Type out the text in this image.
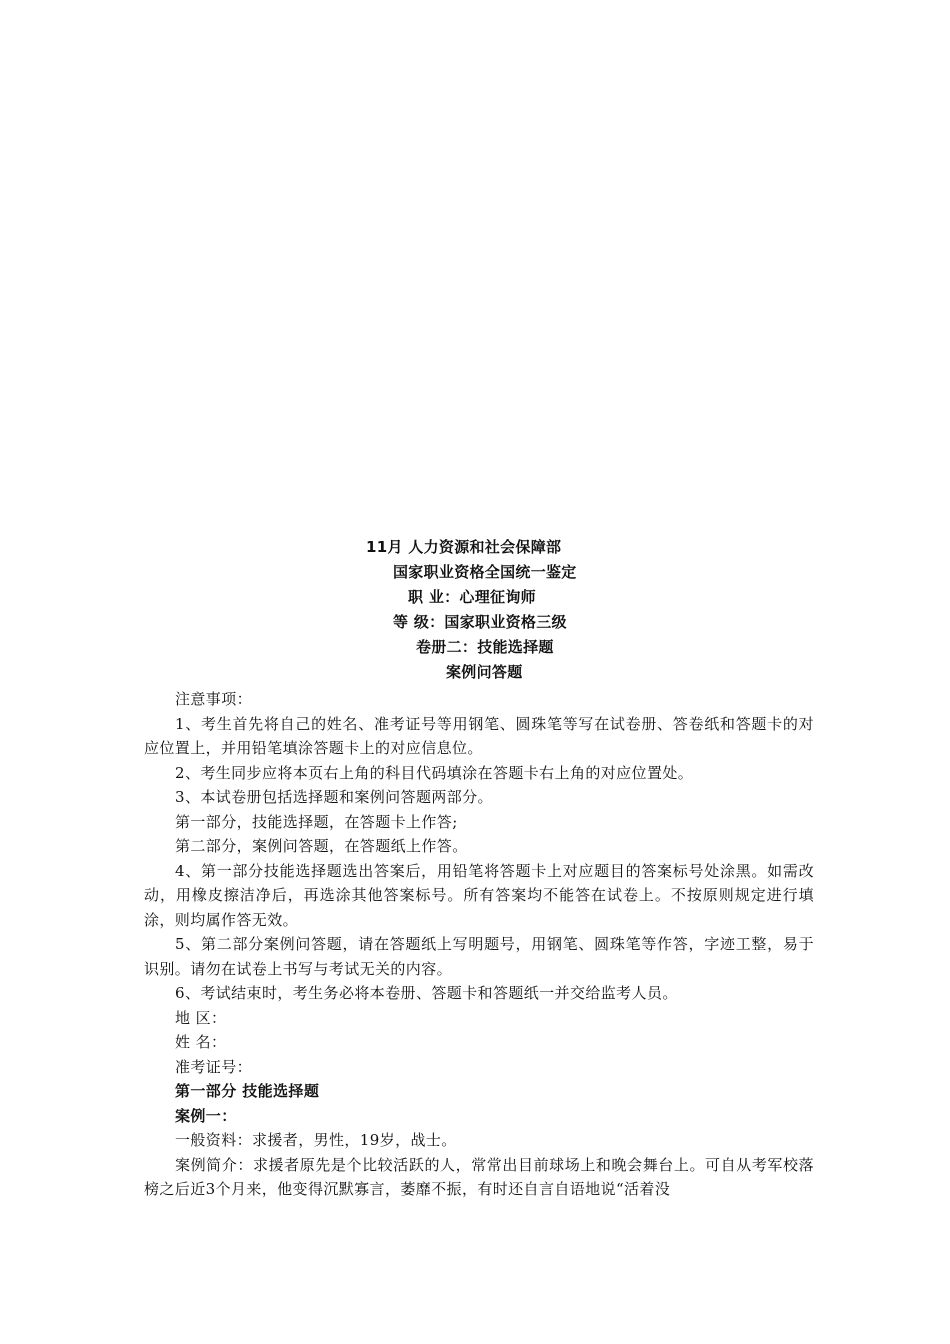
11月 人力资源和社会保障部
国家职业资格全国统一鉴定
职 业：心理征询师
等 级：国家职业资格三级
卷册二：技能选择题
案例问答题

注意事项：

1、考生首先将自己的姓名、准考证号等用钢笔、圆珠笔等写在试卷册、答卷纸和答题卡的对应位置上，并用铅笔填涂答题卡上的对应信息位。

2、考生同步应将本页右上角的科目代码填涂在答题卡右上角的对应位置处。

3、本试卷册包括选择题和案例问答题两部分。

第一部分，技能选择题，在答题卡上作答;

第二部分，案例问答题，在答题纸上作答。

4、第一部分技能选择题选出答案后，用铅笔将答题卡上对应题目的答案标号处涂黑。如需改动，用橡皮擦洁净后，再选涂其他答案标号。所有答案均不能答在试卷上。不按原则规定进行填涂，则均属作答无效。

5、第二部分案例问答题，请在答题纸上写明题号，用钢笔、圆珠笔等作答，字迹工整，易于识别。请勿在试卷上书写与考试无关的内容。

6、考试结束时，考生务必将本卷册、答题卡和答题纸一并交给监考人员。

地 区：

姓 名：

准考证号：

第一部分 技能选择题

案例一：

一般资料：求援者，男性，19岁，战士。

案例简介：求援者原先是个比较活跃的人，常常出目前球场上和晚会舞台上。可自从考军校落榜之后近3个月来，他变得沉默寡言，萎靡不振，有时还自言自语地说“活着没
